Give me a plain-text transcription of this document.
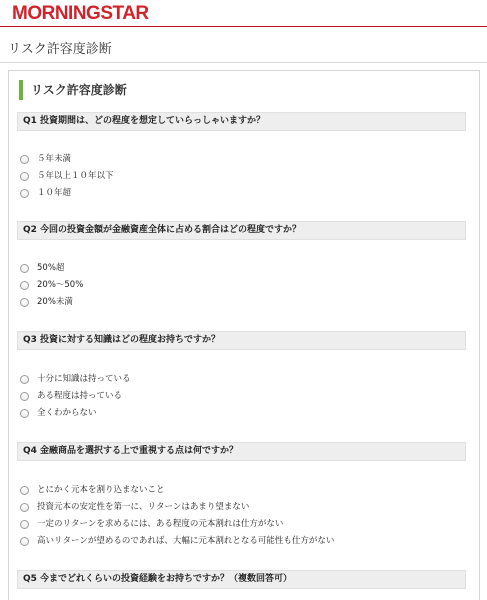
MORNINGSTAR
リスク許容度診断
リスク許容度診断
Q1 投資期間は、どの程度を想定していらっしゃいますか？
５年未満
５年以上１０年以下
１０年超
Q2 今回の投資金額が金融資産全体に占める割合はどの程度ですか？
50%超
20%～50%
20%未満
Q3 投資に対する知識はどの程度お持ちですか？
十分に知識は持っている
ある程度は持っている
全くわからない
Q4 金融商品を選択する上で重視する点は何ですか？
とにかく元本を割り込まないこと
投資元本の安定性を第一に、リターンはあまり望まない
一定のリターンを求めるには、ある程度の元本割れは仕方がない
高いリターンが望めるのであれば、大幅に元本割れとなる可能性も仕方がない
Q5 今までどれくらいの投資経験をお持ちですか？（複数回答可）
